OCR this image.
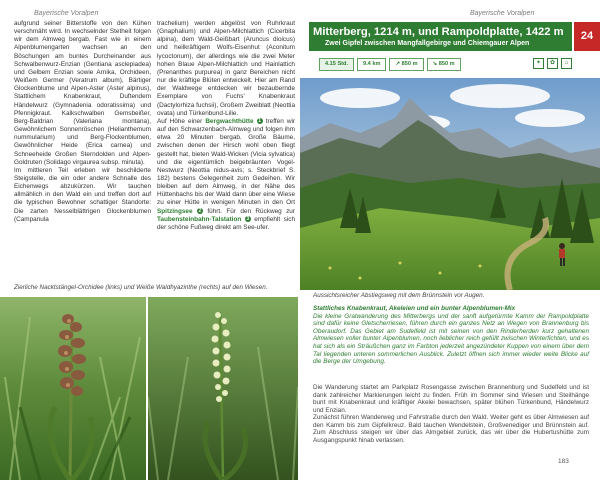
Bayerische Voralpen	Bayerische Voralpen

aufgrund seiner Bitterstoffe von den Kühen verschmäht wird. In wechselnder Stetheit folgen wir dem Almweg bergab. Fast wie in einem Alpenblumengarten wachsen an den Böschungen am buntes Durcheinander aus Schwalbenwurz-Enzian (Gentiana asclepiadea) und Gelbem Enzian sowie Arnika, Orchideen, Weißem Germer (Veratrum album), Bärtiger Glockenblume und Alpen-Aster (Aster alpinus), Stattlichem Knabenkraut, Duftendem Händelwurz (Gymnadenia odoratissima) und Pfennigkraut. Kalkschwalben Gemsbeißer, Berg-Baldrian (Valeriana montana), Gewöhnlichem Sonnenröschen (Helianthemum nummularium) und Berg-Flockenblumen, Gewöhnlicher Heide (Erica carnea) und Schneeheide Großen Sterndolden und Alpen-Goldruten (Solidago virgaurea subsp. minuta).
Im mittleren Teil erleben wir beschilderte Steigstelle, die ein oder andere Schnalle des Eichenwegs abzukürzen. Wir tauchen allmählich in den Wald ein und treffen dort auf die typischen Bewohner schattiger Standorte: Die zarten Nesselblättrigen Glockenblumen (Campanula

trachelium) werden abgelöst von Ruhrkraut (Gnaphalium) und Alpen-Milchlattich (Cicerbita alpina), dem Wald-Geißbart (Aruncus dioicus) und heilkräftigem Wolfs-Eisenhut (Aconitum lycoctonum), der allerdings wie die zwei Meter hohen Blaue Alpen-Milchlattich und Hainlattich (Prenanthes purpurea) in ganz Bereichen nicht nur die kräftige Blüten entwickelt. Hier am Rand der Waldwege entdecken wir bezaubernde Exemplare von Fuchs' Knabenkraut (Dactylorhiza fuchsii), Großem Zweiblatt (Neottia ovata) und Türkenbund-Lilie.
Auf Höhe einer Bergwachthütte 1 treffen wir auf den Schwarzenbach-Almweg und folgen ihm etwa 20 Minuten bergab. Große Bäume, zwischen denen der Hirsch wohl oben fliegt gestellt hat, bieten Wald-Wicken (Vicia sylvatica) und die eigentümlich beigebräunten Vogel-Nestwurz (Neottia nidus-avis; s. Steckbrief S. 182) bestens Gelegenheit zum Gedeihen. Wir bleiben auf dem Almweg, in der Nähe des Hüttenbachs bis der Wald dann über eine Wiese zu einer Hütte in wenigen Minuten in den Ort Spitzingsee 2 führt. Für den Rückweg zur Taubensteinbahn-Talstation 3 empfiehlt sich der schöne Fußweg direkt am See-ufer.

Zierliche Nacktstängel-Orchidee (links) und Weiße Waldhyazinthe (rechts) auf den Wiesen.
Mitterberg, 1214 m, und Rampoldplatte, 1422 m
Zwei Gipfel zwischen Mangfallgebirge und Chiemgauer Alpen
24
4.15 Std.	9.4 km	↗ 850 m	↘ 850 m	✶	✿	⌂
Aussichtsreicher Abstiegsweg mit dem Brünnstein vor Augen.
Stattliches Knabenkraut, Akeleien und ein bunter Alpenblumen-Mix
Die kleine Gratwanderung des Mitterbergs und der sanft aufgetürmte Kamm der Rampoldplatte sind dafür keine Gletscherriesen, führen durch ein ganzes Netz an Wegen von Brannenburg bis Oberaudorf. Das Gebiet am Sudelfeld ist mit seinen von den Rinderherden kurz gehaltenen Almwiesen voller bunter Alpenblumen, noch lieblicher reich gefüllt zwischen Winterfichten, und es hat sich als ein Sträußchen ganz im Farbton jederzeit angezündeter Kuppen von einem über dem Tal liegenden unteren sommerlichen Ausblick. Zuletzt öffnen sich immer wieder weite Blicke auf die Berge der Umgebung.
Die Wanderung startet am Parkplatz Rosengasse zwischen Brannenburg und Sudelfeld und ist dank zahlreicher Markierungen leicht zu finden. Früh im Sommer sind Wiesen und Steilhänge bunt mit Knabenkraut und kräftiger Akelei bewachsen, später blühen Türkenbund, Händelwurz und Enzian.
Zunächst führen Wanderweg und Fahrstraße durch den Wald. Weiter geht es über Almwiesen auf den Kamm bis zum Gipfelkreuz. Bald tauchen Wendelstein, Großvenediger und Brünnstein auf. Zum Abschluss steigen wir über das Almgebiet zurück, das wir über die Hubertushütte zum Ausgangspunkt hinab verlassen.
183
